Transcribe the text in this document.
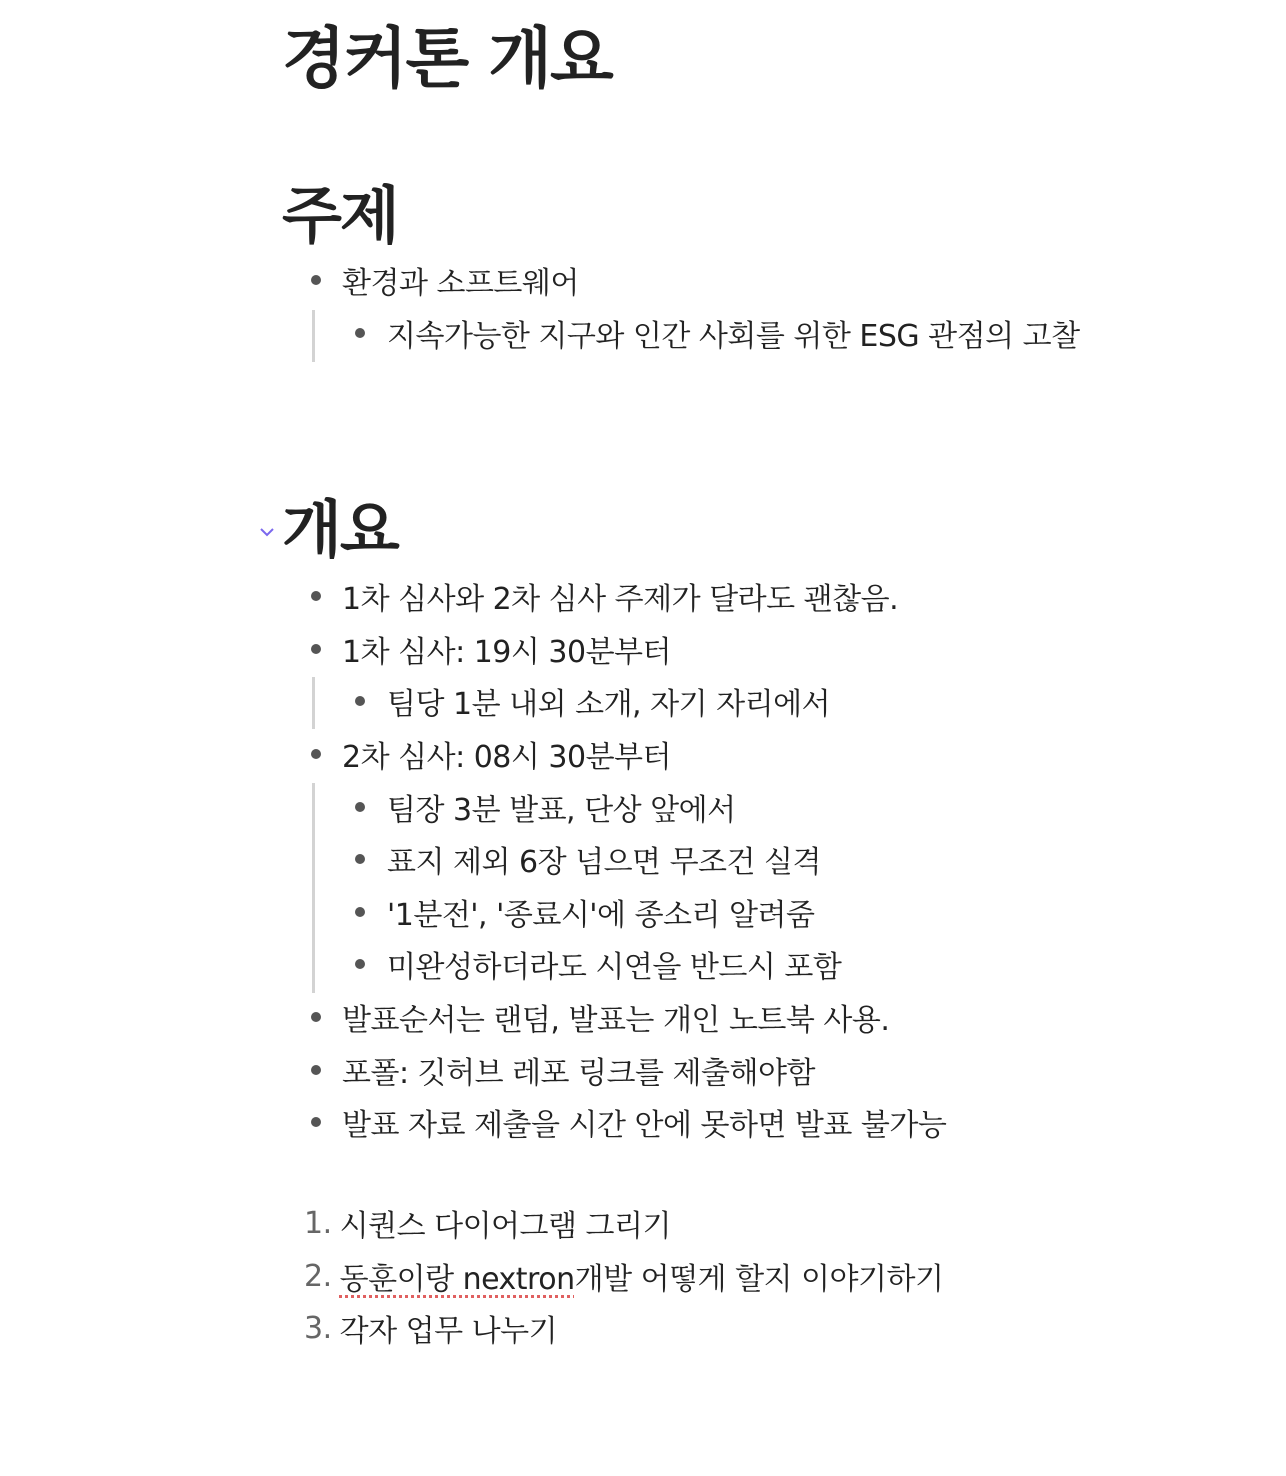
경커톤 개요
주제
환경과 소프트웨어
지속가능한 지구와 인간 사회를 위한 ESG 관점의 고찰
개요
1차 심사와 2차 심사 주제가 달라도 괜찮음.
1차 심사: 19시 30분부터
팀당 1분 내외 소개, 자기 자리에서
2차 심사: 08시 30분부터
팀장 3분 발표, 단상 앞에서
표지 제외 6장 넘으면 무조건 실격
'1분전', '종료시'에 종소리 알려줌
미완성하더라도 시연을 반드시 포함
발표순서는 랜덤, 발표는 개인 노트북 사용.
포폴: 깃허브 레포 링크를 제출해야함
발표 자료 제출을 시간 안에 못하면 발표 불가능
1. 시퀀스 다이어그램 그리기
2. 동훈이랑 nextron 개발 어떻게 할지 이야기하기
3. 각자 업무 나누기
